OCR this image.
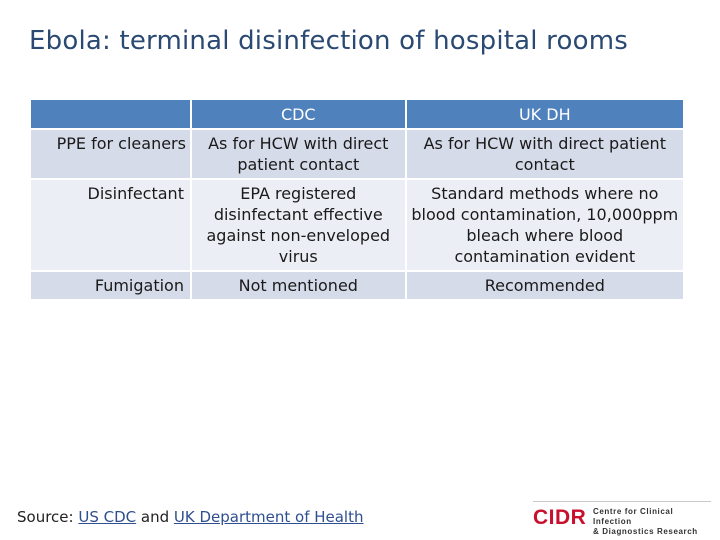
Ebola: terminal disinfection of hospital rooms
	CDC	UK DH
PPE for cleaners	As for HCW with direct patient contact	As for HCW with direct patient contact
Disinfectant	EPA registered disinfectant effective against non-enveloped virus	Standard methods where no blood contamination, 10,000ppm bleach where blood contamination evident
Fumigation	Not mentioned	Recommended
Source: US CDC and UK Department of Health	CIDR Centre for Clinical Infection
& Diagnostics Research
